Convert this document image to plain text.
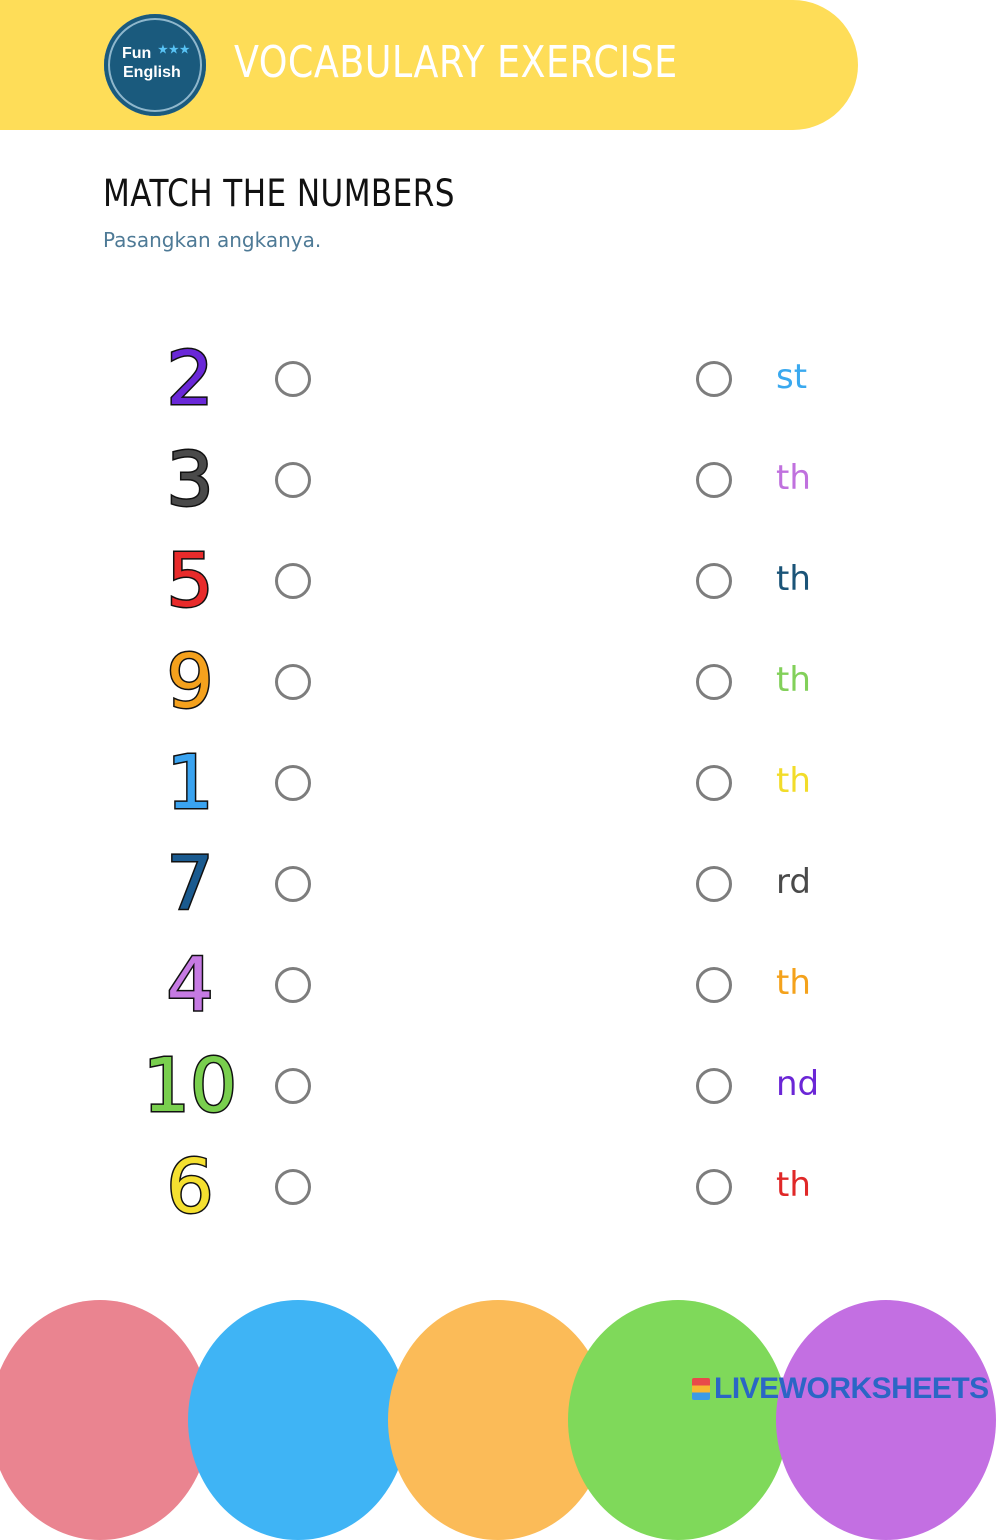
Fun ★★★
English VOCABULARY EXERCISE
MATCH THE NUMBERS
Pasangkan angkanya.
2	st
3	th
5	th
9	th
1	th
7	rd
4	th
10	nd
6	th
LIVEWORKSHEETS
